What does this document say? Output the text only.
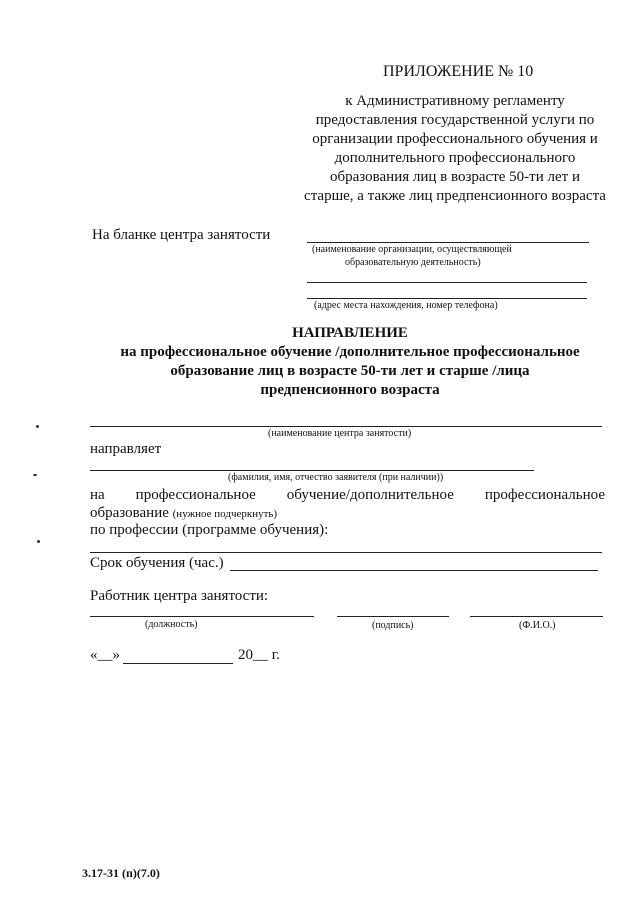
ПРИЛОЖЕНИЕ № 10
к Административному регламенту
предоставления государственной услуги по
организации профессионального обучения и
дополнительного профессионального
образования лиц в возрасте 50-ти лет и
старше, а также лиц предпенсионного возраста
На бланке центра занятости
(наименование организации, осуществляющей
образовательную деятельность)
(адрес места нахождения, номер телефона)
НАПРАВЛЕНИЕ
на профессиональное обучение /дополнительное профессиональное
образование лиц в возрасте 50-ти лет и старше /лица
предпенсионного возраста
(наименование центра занятости)
направляет
(фамилия, имя, отчество заявителя (при наличии))
на профессиональное обучение/дополнительное профессиональное
образование (нужное подчеркнуть)
по профессии (программе обучения):
Срок обучения (час.)
Работник центра занятости:
(должность)	(подпись)	(Ф.И.О.)
«__»	20__ г.
3.17-31 (п)(7.0)
